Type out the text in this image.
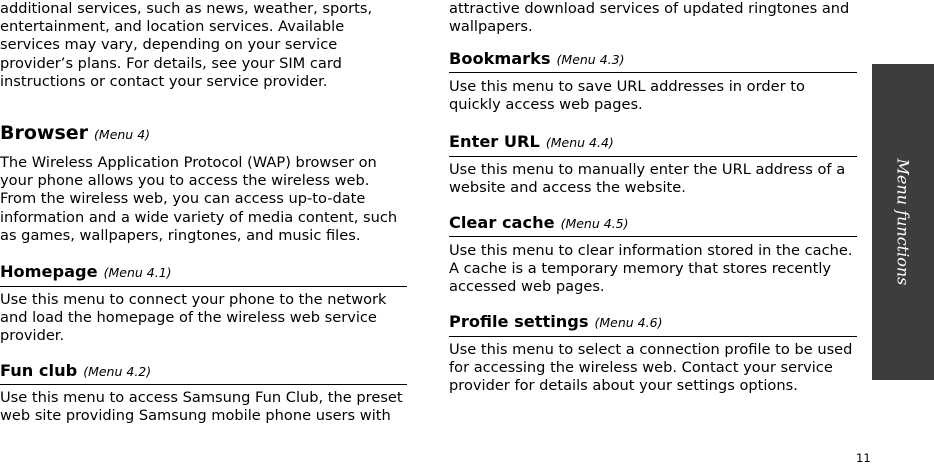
additional services, such as news, weather, sports, entertainment, and location services. Available services may vary, depending on your service provider’s plans. For details, see your SIM card instructions or contact your service provider.

Browser (Menu 4)

The Wireless Application Protocol (WAP) browser on your phone allows you to access the wireless web. From the wireless web, you can access up-to-date information and a wide variety of media content, such as games, wallpapers, ringtones, and music files.

Homepage (Menu 4.1)

Use this menu to connect your phone to the network and load the homepage of the wireless web service provider.

Fun club (Menu 4.2)

Use this menu to access Samsung Fun Club, the preset web site providing Samsung mobile phone users with

attractive download services of updated ringtones and wallpapers.

Bookmarks (Menu 4.3)

Use this menu to save URL addresses in order to quickly access web pages.

Enter URL (Menu 4.4)

Use this menu to manually enter the URL address of a website and access the website.

Clear cache (Menu 4.5)

Use this menu to clear information stored in the cache. A cache is a temporary memory that stores recently accessed web pages.

Profile settings (Menu 4.6)

Use this menu to select a connection profile to be used for accessing the wireless web. Contact your service provider for details about your settings options.

Menu functions
11
